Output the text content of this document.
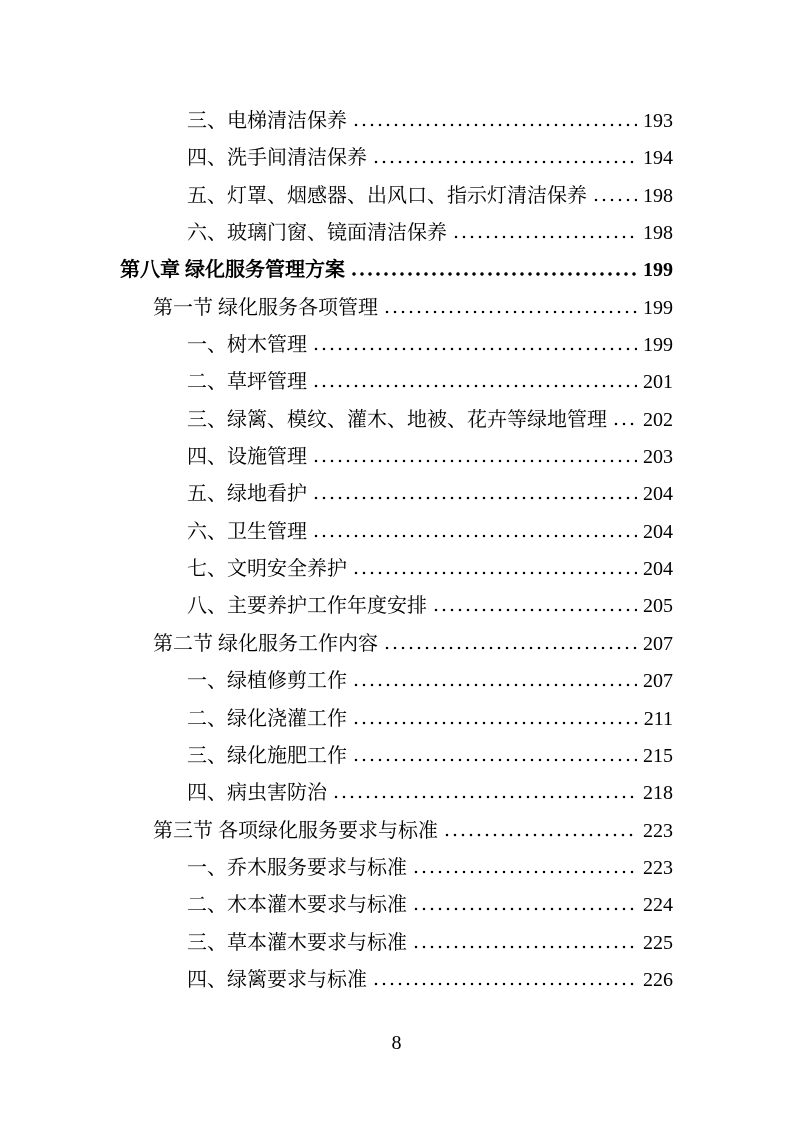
三、电梯清洁保养	193
四、洗手间清洁保养	194
五、灯罩、烟感器、出风口、指示灯清洁保养	198
六、玻璃门窗、镜面清洁保养	198
第八章 绿化服务管理方案	199
第一节 绿化服务各项管理	199
一、树木管理	199
二、草坪管理	201
三、绿篱、模纹、灌木、地被、花卉等绿地管理 202
四、设施管理	203
五、绿地看护	204
六、卫生管理	204
七、文明安全养护	204
八、主要养护工作年度安排	205
第二节 绿化服务工作内容	207
一、绿植修剪工作	207
二、绿化浇灌工作	211
三、绿化施肥工作	215
四、病虫害防治	218
第三节 各项绿化服务要求与标准	223
一、乔木服务要求与标准	223
二、木本灌木要求与标准	224
三、草本灌木要求与标准	225
四、绿篱要求与标准	226
8
